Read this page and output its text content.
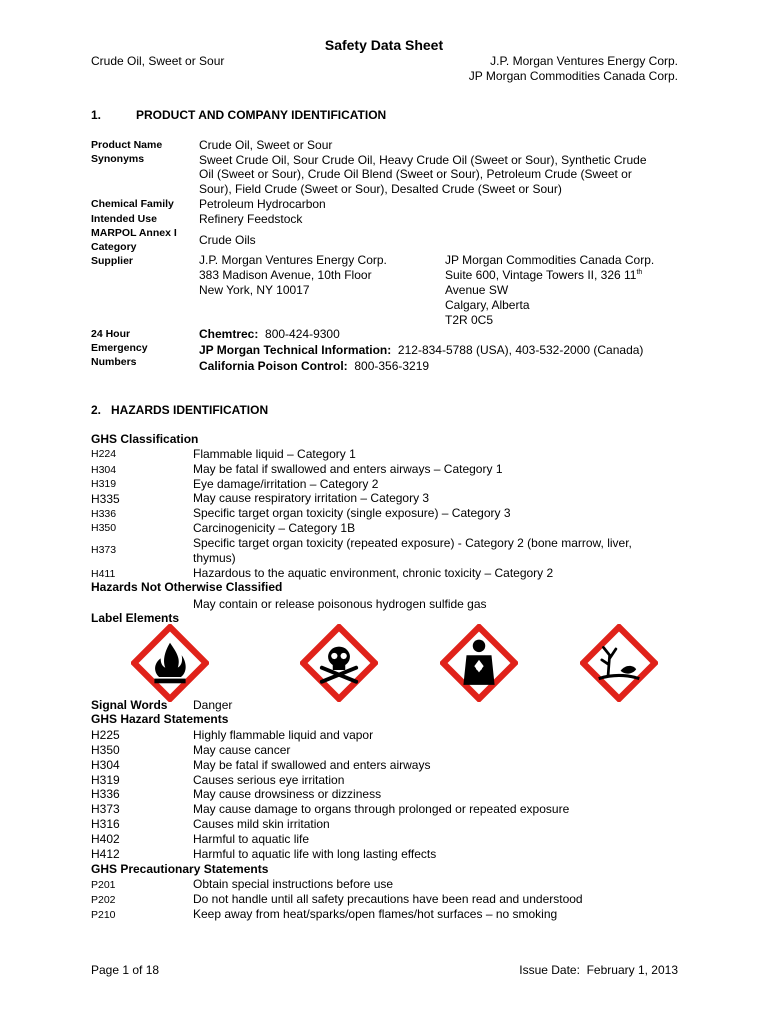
Safety Data Sheet
Crude Oil, Sweet or Sour	J.P. Morgan Ventures Energy Corp.
JP Morgan Commodities Canada Corp.
1.	PRODUCT AND COMPANY IDENTIFICATION
Product Name	Crude Oil, Sweet or Sour
Synonyms	Sweet Crude Oil, Sour Crude Oil, Heavy Crude Oil (Sweet or Sour), Synthetic Crude
Oil (Sweet or Sour), Crude Oil Blend (Sweet or Sour), Petroleum Crude (Sweet or
Sour), Field Crude (Sweet or Sour), Desalted Crude (Sweet or Sour)
Chemical Family Petroleum Hydrocarbon
Intended Use	Refinery Feedstock
MARPOL Annex I
Category	Crude Oils
Supplier	J.P. Morgan Ventures Energy Corp.
383 Madison Avenue, 10th Floor
New York, NY 10017
JP Morgan Commodities Canada Corp.
Suite 600, Vintage Towers II, 326 11th
Avenue SW
Calgary, Alberta
T2R 0C5
24 Hour
Emergency
Numbers
Chemtrec: 800-424-9300
JP Morgan Technical Information: 212-834-5788 (USA), 403-532-2000 (Canada)
California Poison Control: 800-356-3219
2.   HAZARDS IDENTIFICATION
GHS Classification
H224	Flammable liquid – Category 1
H304	May be fatal if swallowed and enters airways – Category 1
H319	Eye damage/irritation – Category 2
H335	May cause respiratory irritation – Category 3
H336	Specific target organ toxicity (single exposure) – Category 3
H350	Carcinogenicity – Category 1B
H373	Specific target organ toxicity (repeated exposure) - Category 2 (bone marrow, liver,
thymus)
H411	Hazardous to the aquatic environment, chronic toxicity – Category 2
Hazards Not Otherwise Classified
May contain or release poisonous hydrogen sulfide gas
Label Elements
Signal Words Danger
GHS Hazard Statements
H225	Highly flammable liquid and vapor
H350	May cause cancer
H304	May be fatal if swallowed and enters airways
H319	Causes serious eye irritation
H336	May cause drowsiness or dizziness
H373	May cause damage to organs through prolonged or repeated exposure
H316	Causes mild skin irritation
H402	Harmful to aquatic life
H412	Harmful to aquatic life with long lasting effects
GHS Precautionary Statements
P201	Obtain special instructions before use
P202	Do not handle until all safety precautions have been read and understood
P210	Keep away from heat/sparks/open flames/hot surfaces – no smoking
Page 1 of 18	Issue Date:  February 1, 2013
